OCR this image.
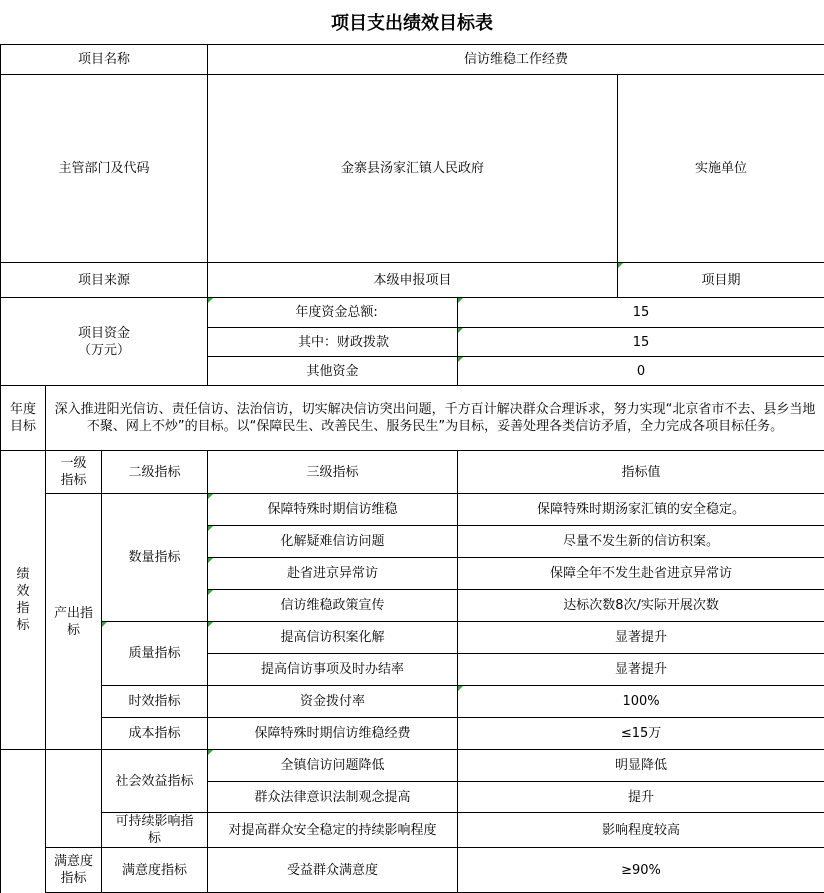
项目支出绩效目标表
项目名称			信访维稳工作经费			
主管部门及代码			金寨县汤家汇镇人民政府		实施单位	
项目来源			本级申报项目		项目期	

项目资金
（万元）			年度资金总额:	15		
			其中：财政拨款	15		
			其他资金	0		

年度
目标	深入推进阳光信访、责任信访、法治信访，切实解决信访突出问题，千方百计解决群众合理诉求，努力实现“北京省市不去、县乡当地不聚、网上不炒”的目标。以“保障民生、改善民生、服务民生”为目标，妥善处理各类信访矛盾，全力完成各项目标任务。					

绩
效
指
标	一级
指标	二级指标	三级指标	指标值		

	产出指
标	数量指标	保障特殊时期信访维稳	保障特殊时期汤家汇镇的安全稳定。		
			化解疑难信访问题	尽量不发生新的信访积案。		
			赴省进京异常访	保障全年不发生赴省进京异常访		
			信访维稳政策宣传	达标次数8次/实际开展次数		
		质量指标	提高信访积案化解	显著提升		
			提高信访事项及时办结率	显著提升		
		时效指标	资金拨付率	100%		
		成本指标	保障特殊时期信访维稳经费	≤15万		
		社会效益指标	全镇信访问题降低	明显降低		
			群众法律意识法制观念提高	提升		

		可持续影响指
标	对提高群众安全稳定的持续影响程度	影响程度较高		

	满意度
指标	满意度指标	受益群众满意度	≥90%		
